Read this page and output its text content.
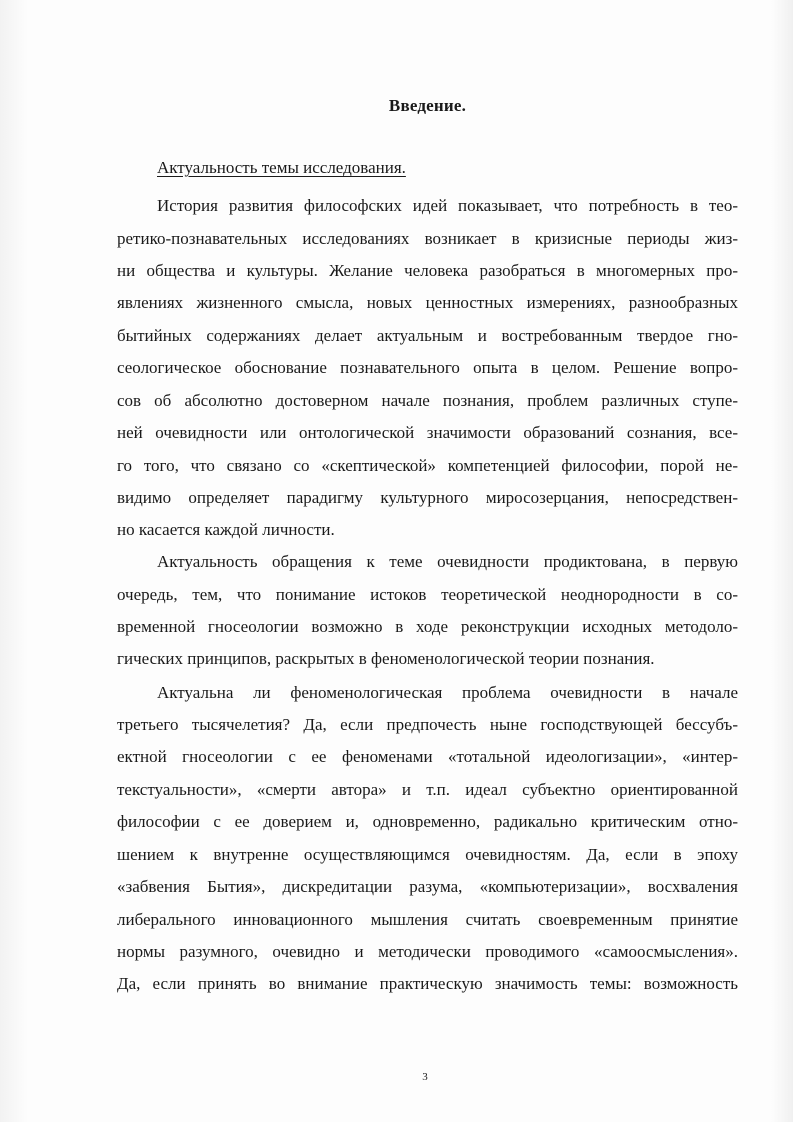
Введение.
Актуальность темы исследования.
История развития философских идей показывает, что потребность в тео-
ретико-познавательных исследованиях возникает в кризисные периоды жиз-
ни общества и культуры. Желание человека разобраться в многомерных про-
явлениях жизненного смысла, новых ценностных измерениях, разнообразных
бытийных содержаниях делает актуальным и востребованным твердое гно-
сеологическое обоснование познавательного опыта в целом. Решение вопро-
сов об абсолютно достоверном начале познания, проблем различных ступе-
ней очевидности или онтологической значимости образований сознания, все-
го того, что связано со «скептической» компетенцией философии, порой не-
видимо определяет парадигму культурного миросозерцания, непосредствен-
но касается каждой личности.
Актуальность обращения к теме очевидности продиктована, в первую
очередь, тем, что понимание истоков теоретической неоднородности в со-
временной гносеологии возможно в ходе реконструкции исходных методоло-
гических принципов, раскрытых в феноменологической теории познания.
Актуальна ли феноменологическая проблема очевидности в начале
третьего тысячелетия? Да, если предпочесть ныне господствующей бессубъ-
ектной гносеологии с ее феноменами «тотальной идеологизации», «интер-
текстуальности», «смерти автора» и т.п. идеал субъектно ориентированной
философии с ее доверием и, одновременно, радикально критическим отно-
шением к внутренне осуществляющимся очевидностям. Да, если в эпоху
«забвения Бытия», дискредитации разума, «компьютеризации», восхваления
либерального инновационного мышления считать своевременным принятие
нормы разумного, очевидно и методически проводимого «самоосмысления».
Да, если принять во внимание практическую значимость темы: возможность
3
